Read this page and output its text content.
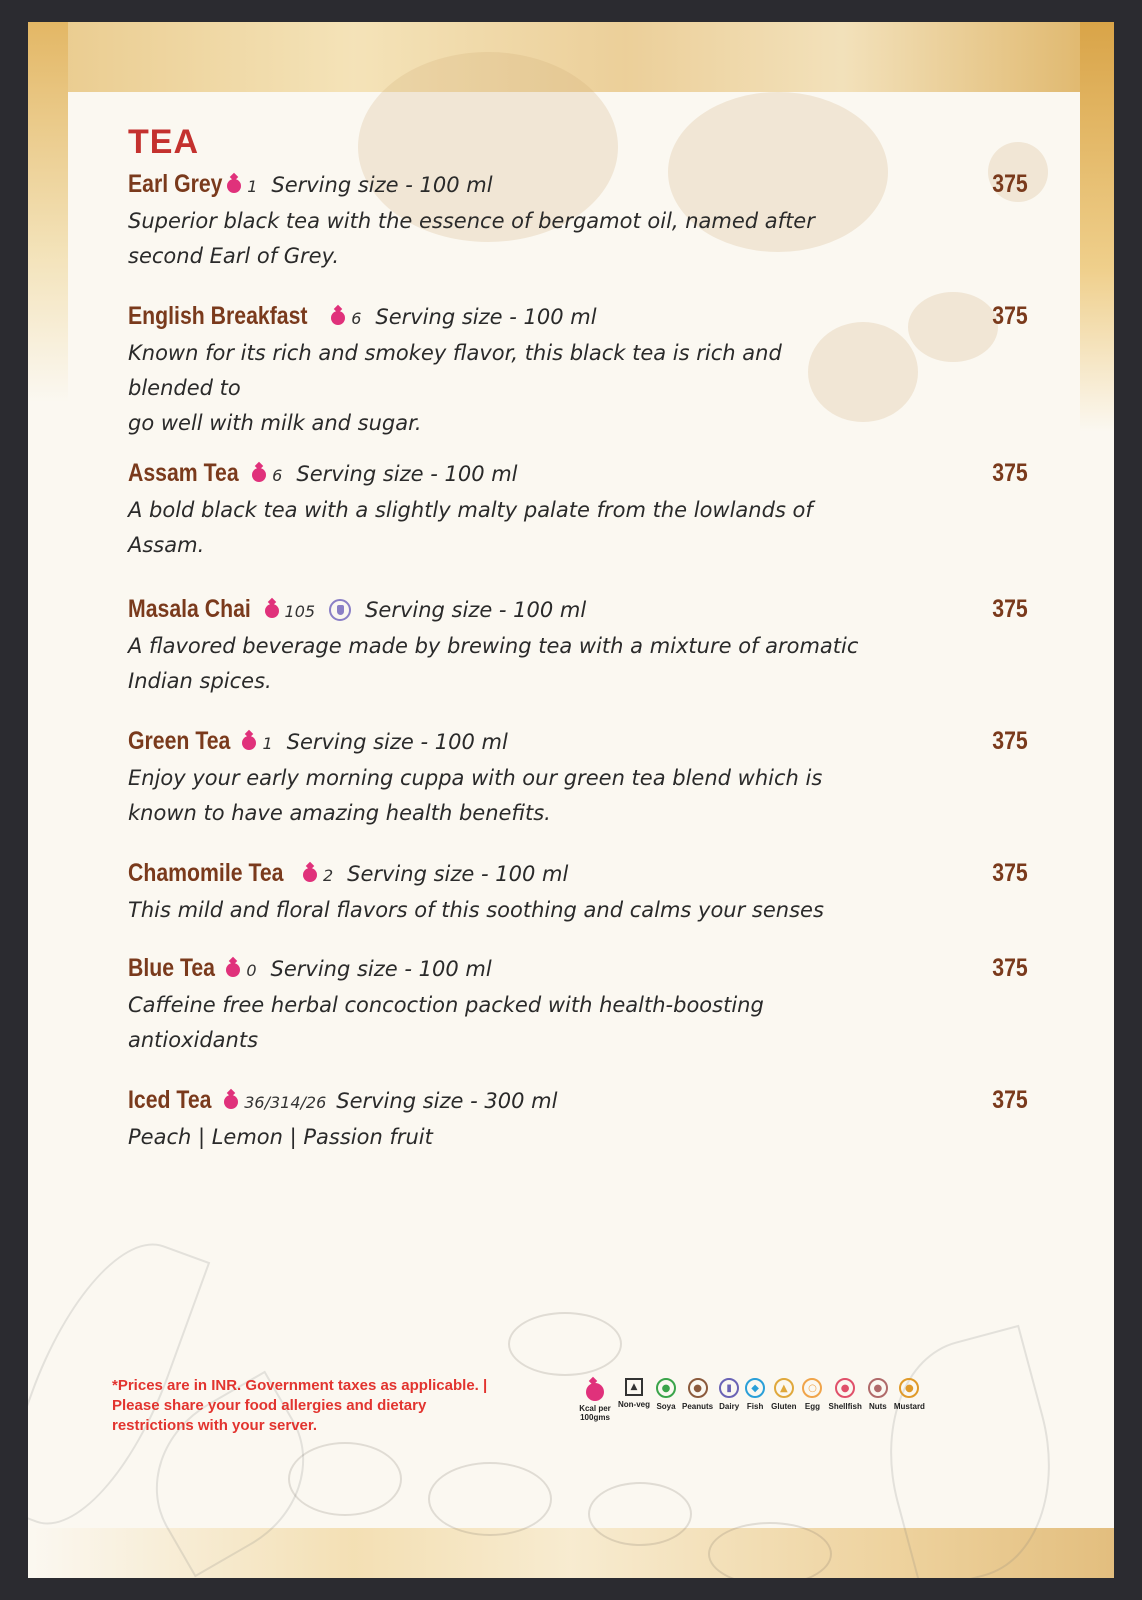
TEA
Earl Grey 1 Serving size - 100 ml	375

Superior black tea with the essence of bergamot oil, named after
second Earl of Grey.

English Breakfast	6 Serving size - 100 ml	375

Known for its rich and smokey flavor, this black tea is rich and blended to
go well with milk and sugar.

Assam Tea 6 Serving size - 100 ml	375

A bold black tea with a slightly malty palate from the lowlands of Assam.

Masala Chai 105 Serving size - 100 ml	375

A flavored beverage made by brewing tea with a mixture of aromatic
Indian spices.

Green Tea 1 Serving size - 100 ml	375

Enjoy your early morning cuppa with our green tea blend which is
known to have amazing health benefits.

Chamomile Tea 2 Serving size - 100 ml	375

This mild and floral flavors of this soothing and calms your senses

Blue Tea 0 Serving size - 100 ml	375

Caffeine free herbal concoction packed with health-boosting antioxidants

Iced Tea 36/314/26 Serving size - 300 ml	375

Peach | Lemon | Passion fruit

*Prices are in INR. Government taxes as applicable. |
Please share your food allergies and dietary
restrictions with your server.
Kcal per 100gms
▲
Non-veg
●
Soya
●
Peanuts
▮
Dairy
◆
Fish
▲
Gluten
○
Egg
●
Shellfish
●
Nuts
●
Mustard
